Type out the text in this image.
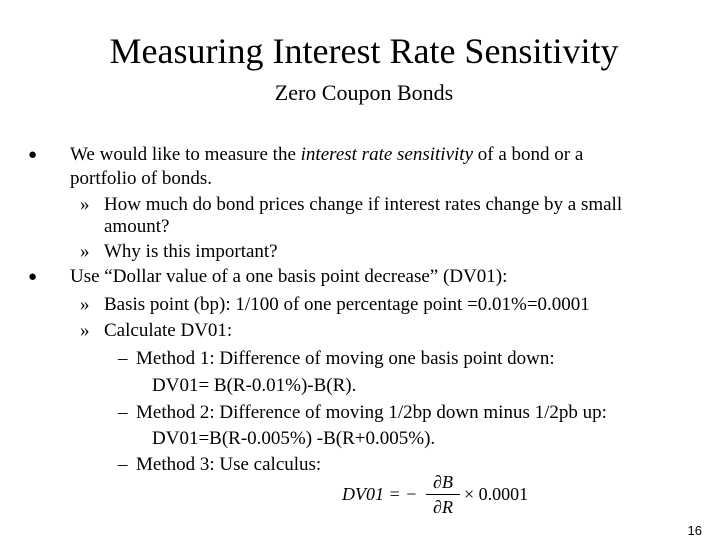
Measuring Interest Rate Sensitivity
Zero Coupon Bonds
● We would like to measure the interest rate sensitivity of a bond or a
portfolio of bonds.
» How much do bond prices change if interest rates change by a small
amount?
» Why is this important?
● Use “Dollar value of a one basis point decrease” (DV01):
» Basis point (bp): 1/100 of one percentage point =0.01%=0.0001
» Calculate DV01:
– Method 1: Difference of moving one basis point down:
DV01= B(R-0.01%)-B(R).
– Method 2: Difference of moving 1/2bp down minus 1/2pb up:
DV01=B(R-0.005%) -B(R+0.005%).
– Method 3: Use calculus:
DV01 = −
∂B
∂R
× 0.0001
16
